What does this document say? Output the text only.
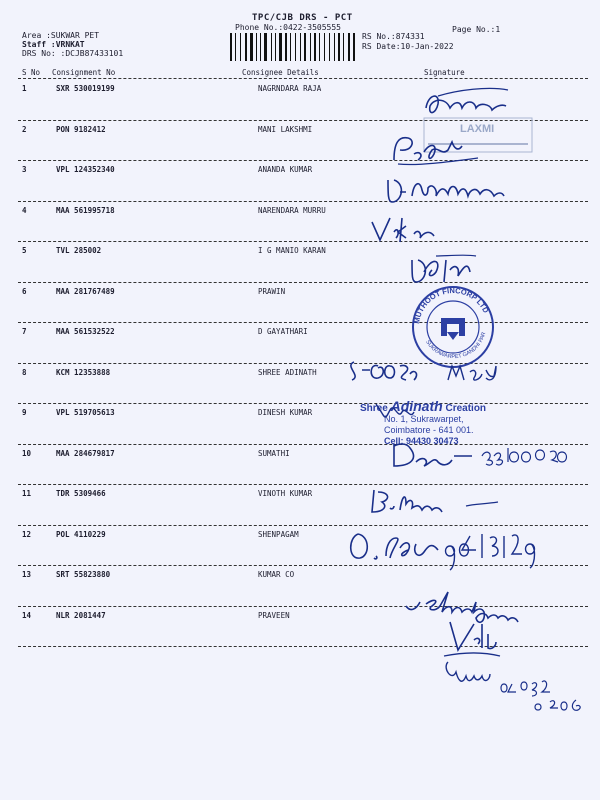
TPC/CJB DRS - PCT
Phone No.:0422-3505555	Page No.:1
Area :SUKWAR PET
Staff :VRNKAT
DRS No: :DCJB87433101
RS No.:874331
RS Date:10-Jan-2022
S No Consignment No	Consignee Details	Signature
1	SXR 530019199	NAGRNDARA RAJA
2	PON 9182412	MANI LAKSHMI
3	VPL 124352340	ANANDA KUMAR
4	MAA 561995718	NARENDARA MURRU
5	TVL 285002	I G MANIO KARAN
6	MAA 281767489	PRAWIN
7	MAA 561532522	D GAYATHARI
8	KCM 12353888	SHREE ADINATH
9	VPL 519705613	DINESH KUMAR
10	MAA 284679817	SUMATHI
11	TDR 5309466	VINOTH KUMAR
12	POL 4110229	SHENPAGAM
13	SRT 55823880	KUMAR CO
14	NLR 2081447	PRAVEEN
LAXMI
MUTHOOT FINCORP LTD
SUKRAWARPET GANDHI PARK
Shree Adinath Creation
No. 1, Sukrawarpet,
Coimbatore - 641 001.
Cell: 94430 30473
